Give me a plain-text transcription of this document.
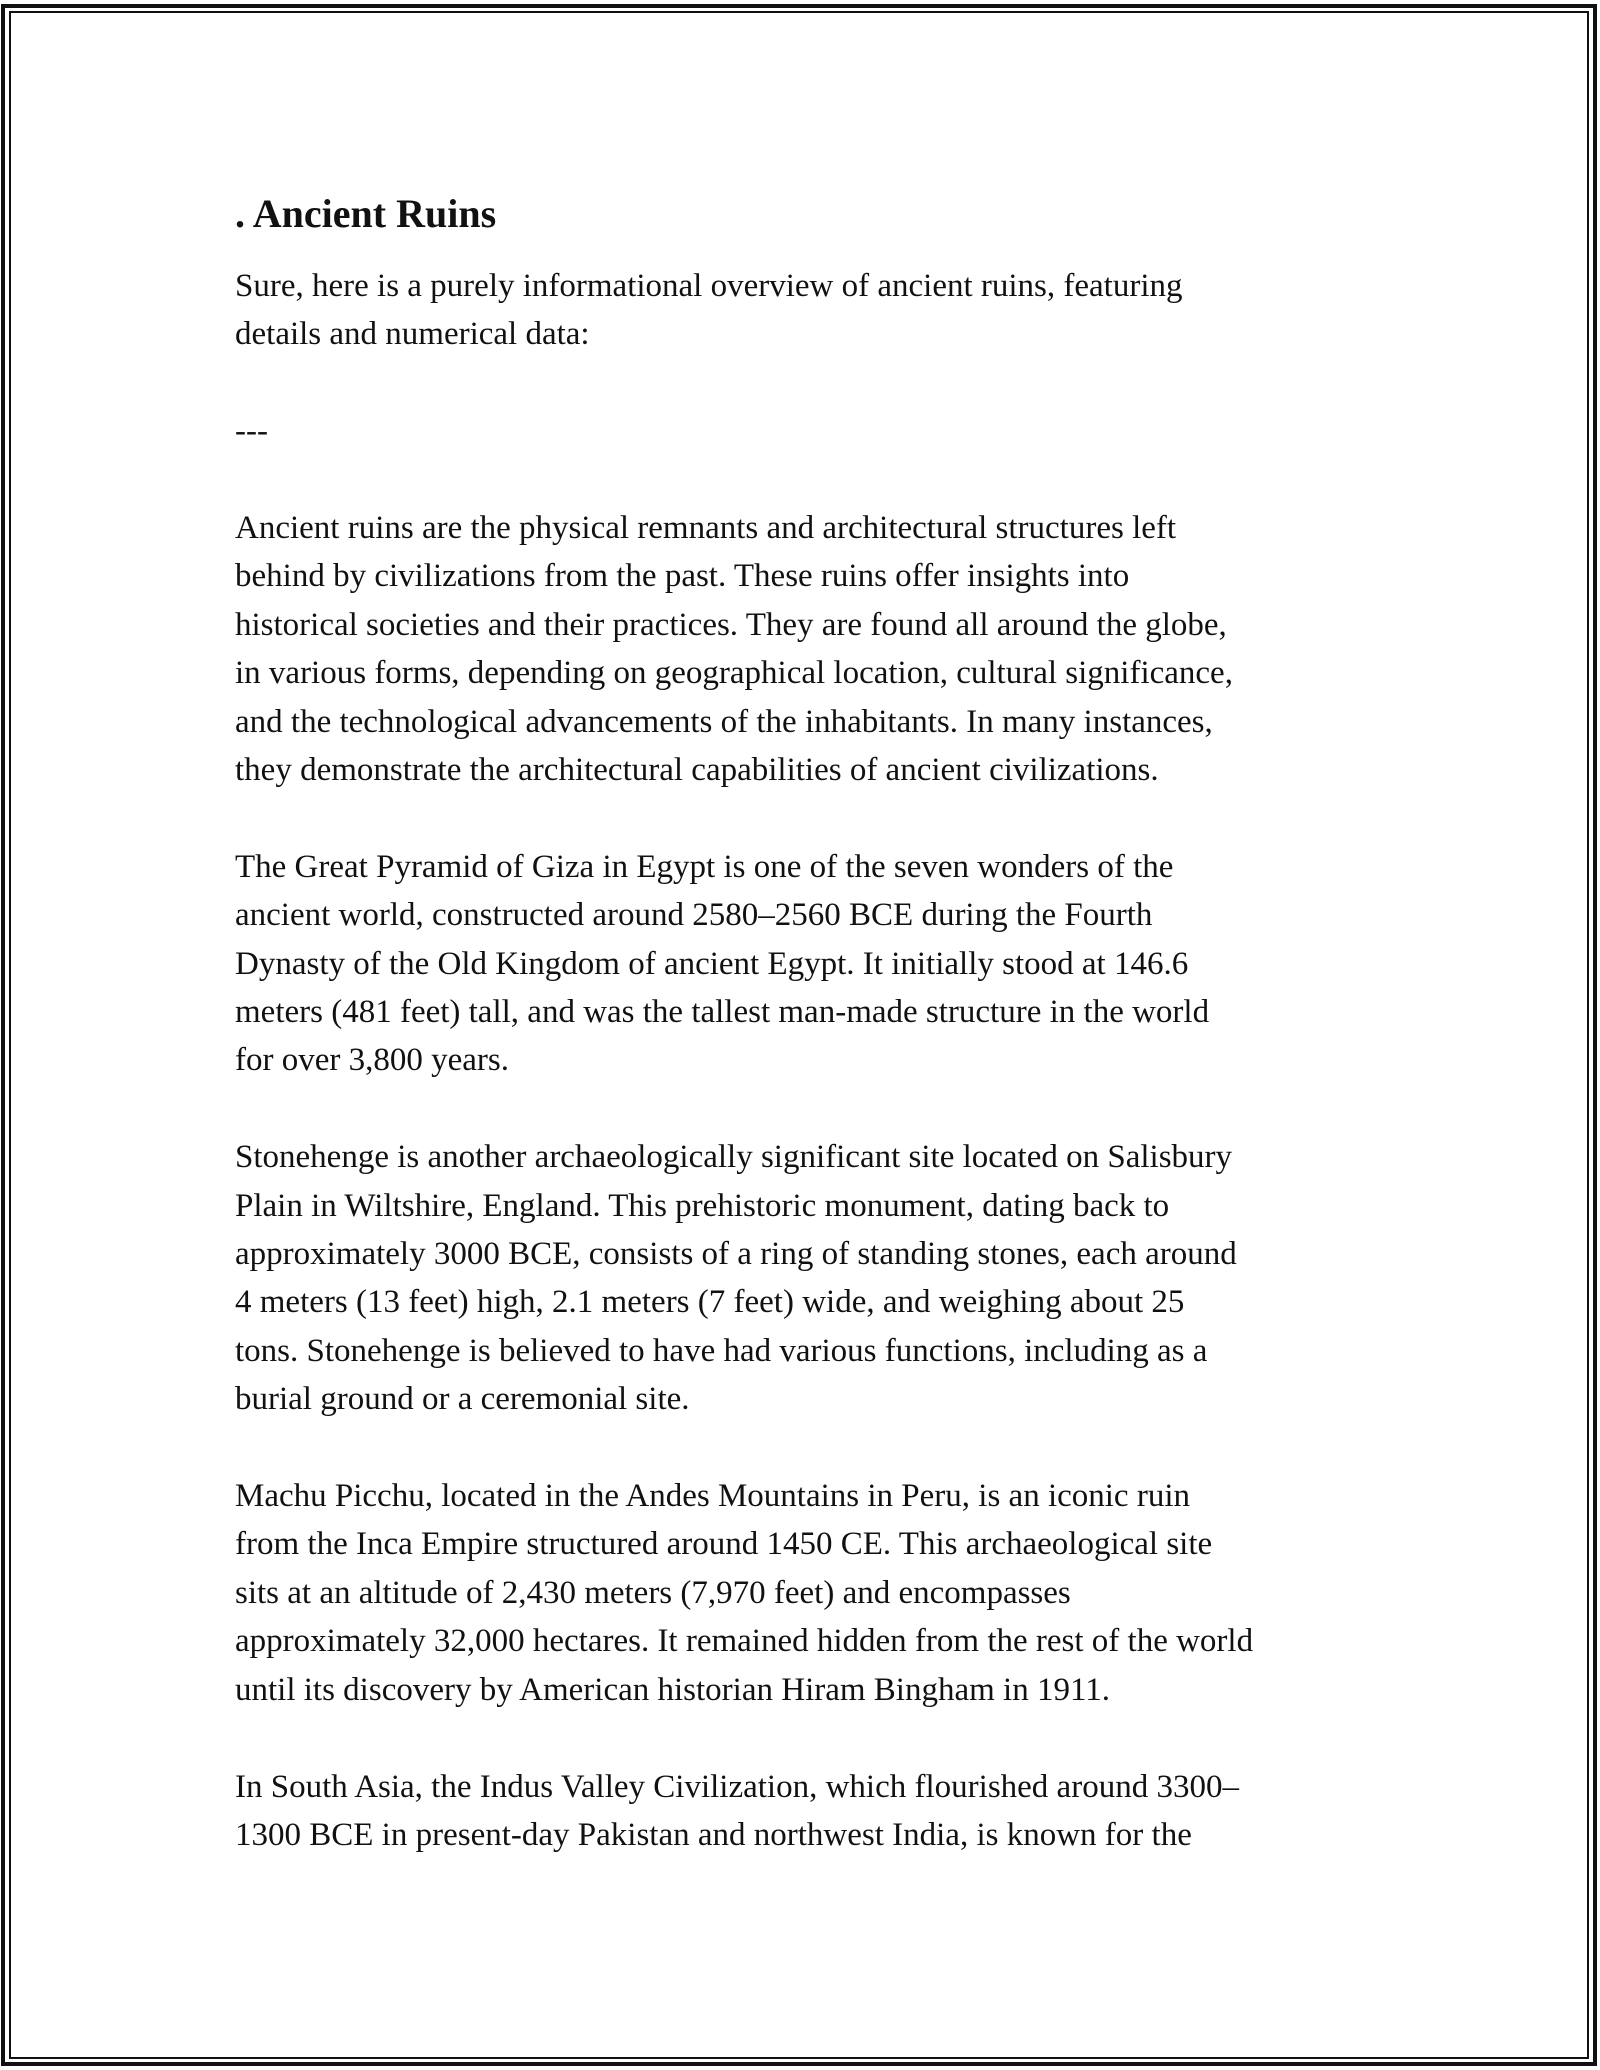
. Ancient Ruins

Sure, here is a purely informational overview of ancient ruins, featuring
details and numerical data:

---

Ancient ruins are the physical remnants and architectural structures left
behind by civilizations from the past. These ruins offer insights into
historical societies and their practices. They are found all around the globe,
in various forms, depending on geographical location, cultural significance,
and the technological advancements of the inhabitants. In many instances,
they demonstrate the architectural capabilities of ancient civilizations.

The Great Pyramid of Giza in Egypt is one of the seven wonders of the
ancient world, constructed around 2580–2560 BCE during the Fourth
Dynasty of the Old Kingdom of ancient Egypt. It initially stood at 146.6
meters (481 feet) tall, and was the tallest man-made structure in the world
for over 3,800 years.

Stonehenge is another archaeologically significant site located on Salisbury
Plain in Wiltshire, England. This prehistoric monument, dating back to
approximately 3000 BCE, consists of a ring of standing stones, each around
4 meters (13 feet) high, 2.1 meters (7 feet) wide, and weighing about 25
tons. Stonehenge is believed to have had various functions, including as a
burial ground or a ceremonial site.

Machu Picchu, located in the Andes Mountains in Peru, is an iconic ruin
from the Inca Empire structured around 1450 CE. This archaeological site
sits at an altitude of 2,430 meters (7,970 feet) and encompasses
approximately 32,000 hectares. It remained hidden from the rest of the world
until its discovery by American historian Hiram Bingham in 1911.

In South Asia, the Indus Valley Civilization, which flourished around 3300–
1300 BCE in present-day Pakistan and northwest India, is known for the
